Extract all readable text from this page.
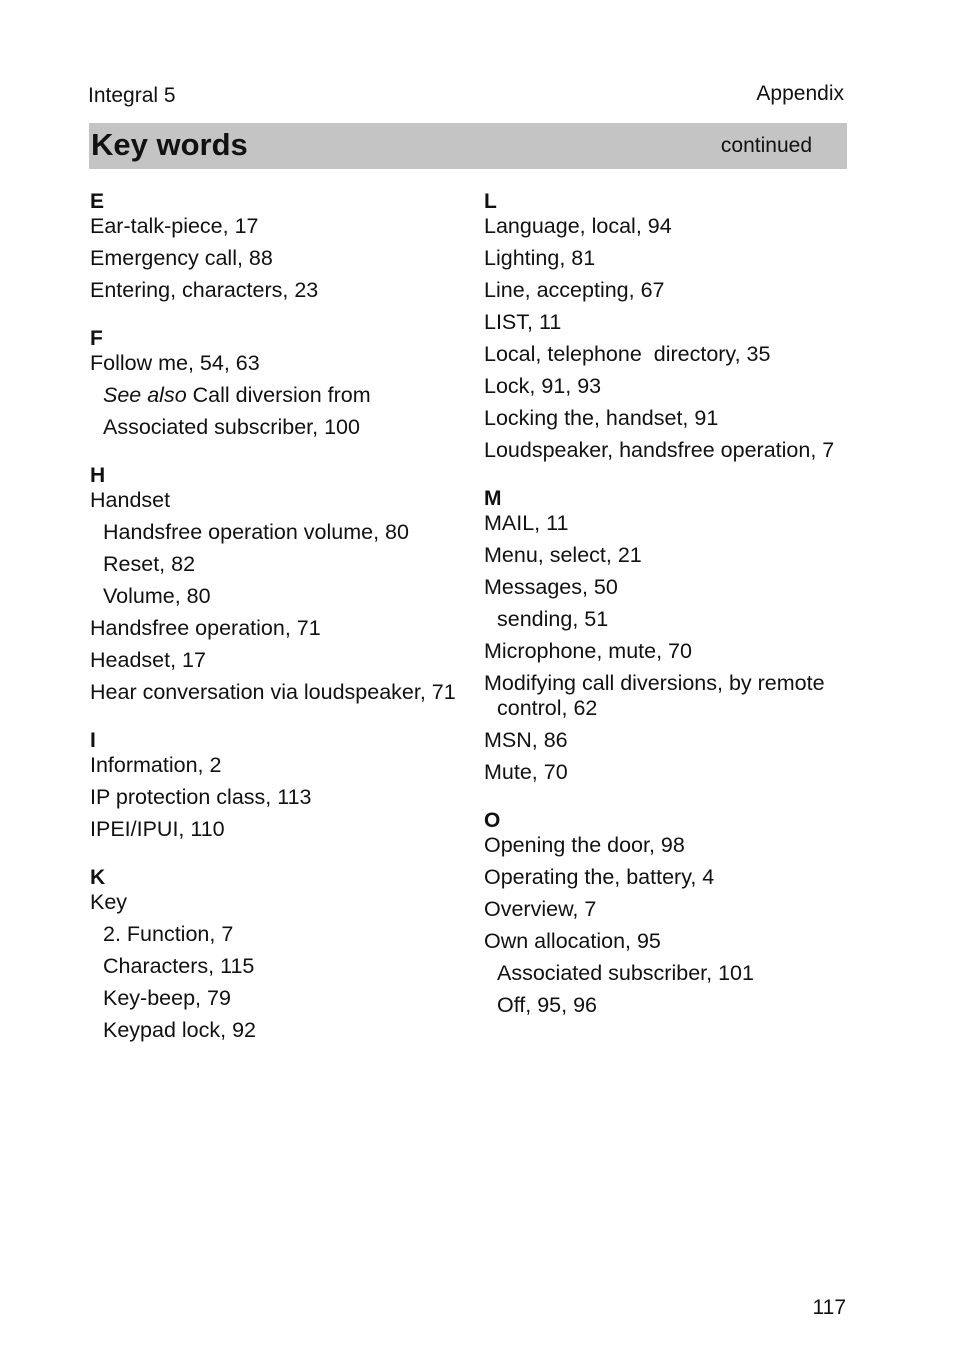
Integral 5	Appendix
Key words	continued
E
Ear-talk-piece, 17
Emergency call, 88
Entering, characters, 23
F
Follow me, 54, 63
See also Call diversion from
Associated subscriber, 100
H
Handset
Handsfree operation volume, 80
Reset, 82
Volume, 80
Handsfree operation, 71
Headset, 17
Hear conversation via loudspeaker, 71
I
Information, 2
IP protection class, 113
IPEI/IPUI, 110
K
Key
2. Function, 7
Characters, 115
Key-beep, 79
Keypad lock, 92
L
Language, local, 94
Lighting, 81
Line, accepting, 67
LIST, 11
Local, telephone  directory, 35
Lock, 91, 93
Locking the, handset, 91
Loudspeaker, handsfree operation, 7
M
MAIL, 11
Menu, select, 21
Messages, 50
sending, 51
Microphone, mute, 70
Modifying call diversions, by remote control, 62
MSN, 86
Mute, 70
O
Opening the door, 98
Operating the, battery, 4
Overview, 7
Own allocation, 95
Associated subscriber, 101
Off, 95, 96
117
